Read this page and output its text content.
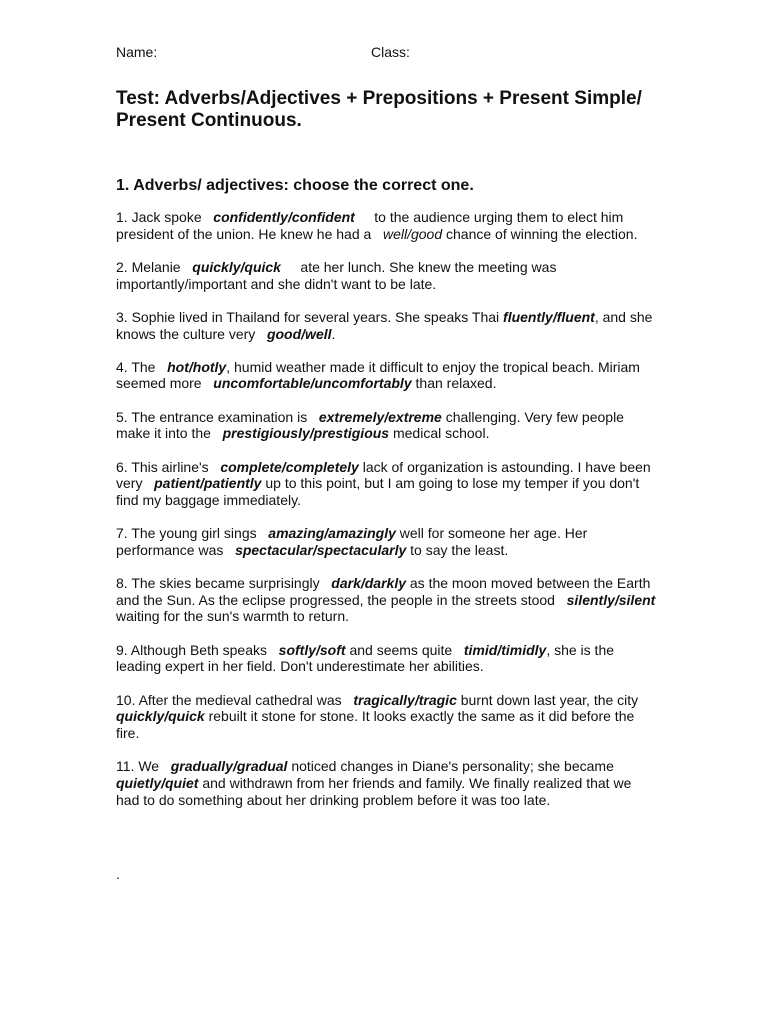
Name:	Class:
Test: Adverbs/Adjectives + Prepositions + Present Simple/ Present Continuous.
1. Adverbs/ adjectives: choose the correct one.

1. Jack spoke   confidently/confident     to the audience urging them to elect him president of the union. He knew he had a   well/good chance of winning the election.

2. Melanie   quickly/quick     ate her lunch. She knew the meeting was importantly/important and she didn't want to be late.

3. Sophie lived in Thailand for several years. She speaks Thai fluently/fluent, and she knows the culture very   good/well.

4. The   hot/hotly, humid weather made it difficult to enjoy the tropical beach. Miriam seemed more   uncomfortable/uncomfortably than relaxed.

5. The entrance examination is   extremely/extreme challenging. Very few people make it into the   prestigiously/prestigious medical school.

6. This airline's   complete/completely lack of organization is astounding. I have been very   patient/patiently up to this point, but I am going to lose my temper if you don't find my baggage immediately.

7. The young girl sings   amazing/amazingly well for someone her age. Her performance was   spectacular/spectacularly to say the least.

8. The skies became surprisingly   dark/darkly as the moon moved between the Earth and the Sun. As the eclipse progressed, the people in the streets stood   silently/silent waiting for the sun's warmth to return.

9. Although Beth speaks   softly/soft and seems quite   timid/timidly, she is the leading expert in her field. Don't underestimate her abilities.

10. After the medieval cathedral was   tragically/tragic burnt down last year, the city   quickly/quick rebuilt it stone for stone. It looks exactly the same as it did before the fire.

11. We   gradually/gradual noticed changes in Diane's personality; she became   quietly/quiet and withdrawn from her friends and family. We finally realized that we had to do something about her drinking problem before it was too late.

.
